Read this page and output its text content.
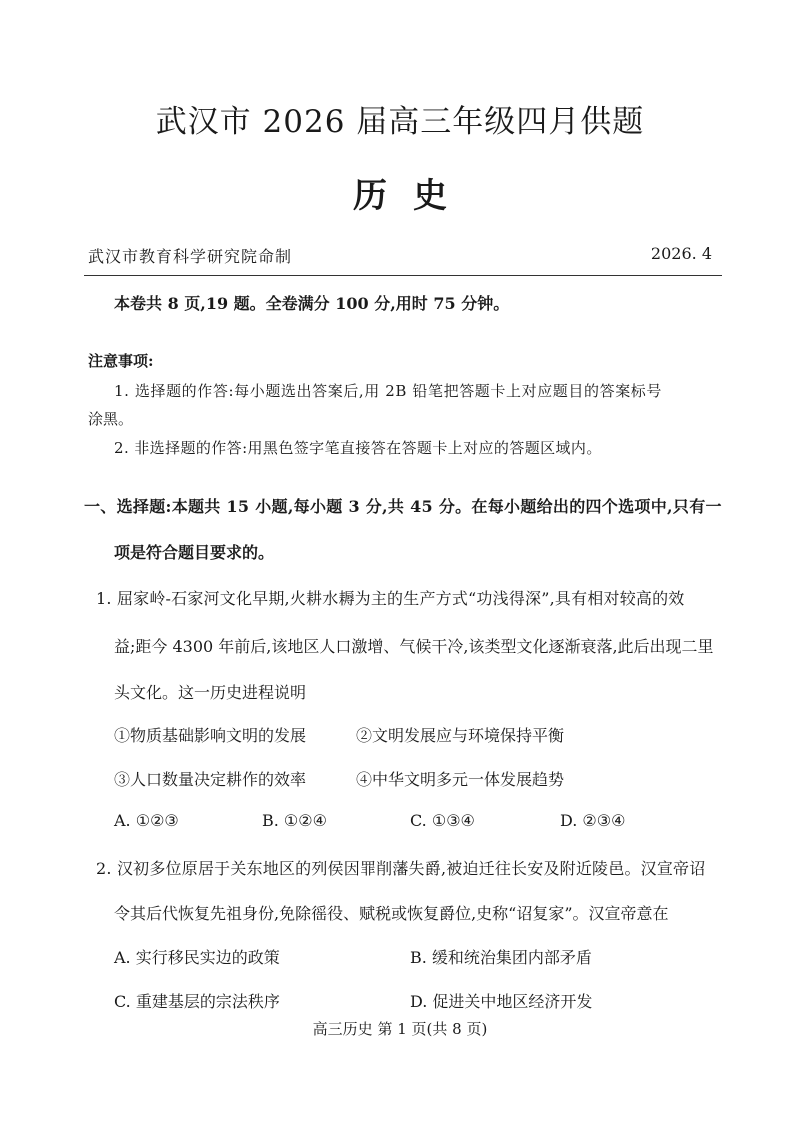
武汉市 2026 届高三年级四月供题
历史
武汉市教育科学研究院命制	2026. 4
本卷共 8 页,19 题。全卷满分 100 分,用时 75 分钟。
注意事项:
1. 选择题的作答:每小题选出答案后,用 2B 铅笔把答题卡上对应题目的答案标号
涂黑。
2. 非选择题的作答:用黑色签字笔直接答在答题卡上对应的答题区域内。
一、选择题:本题共 15 小题,每小题 3 分,共 45 分。在每小题给出的四个选项中,只有一
项是符合题目要求的。
1. 屈家岭-石家河文化早期,火耕水耨为主的生产方式“功浅得深”,具有相对较高的效
益;距今 4300 年前后,该地区人口激增、气候干冷,该类型文化逐渐衰落,此后出现二里
头文化。这一历史进程说明
①物质基础影响文明的发展	②文明发展应与环境保持平衡
③人口数量决定耕作的效率	④中华文明多元一体发展趋势
A. ①②③	B. ①②④	C. ①③④	D. ②③④
2. 汉初多位原居于关东地区的列侯因罪削藩失爵,被迫迁往长安及附近陵邑。汉宣帝诏
令其后代恢复先祖身份,免除徭役、赋税或恢复爵位,史称“诏复家”。汉宣帝意在
A. 实行移民实边的政策	B. 缓和统治集团内部矛盾
C. 重建基层的宗法秩序	D. 促进关中地区经济开发
高三历史 第 1 页(共 8 页)
